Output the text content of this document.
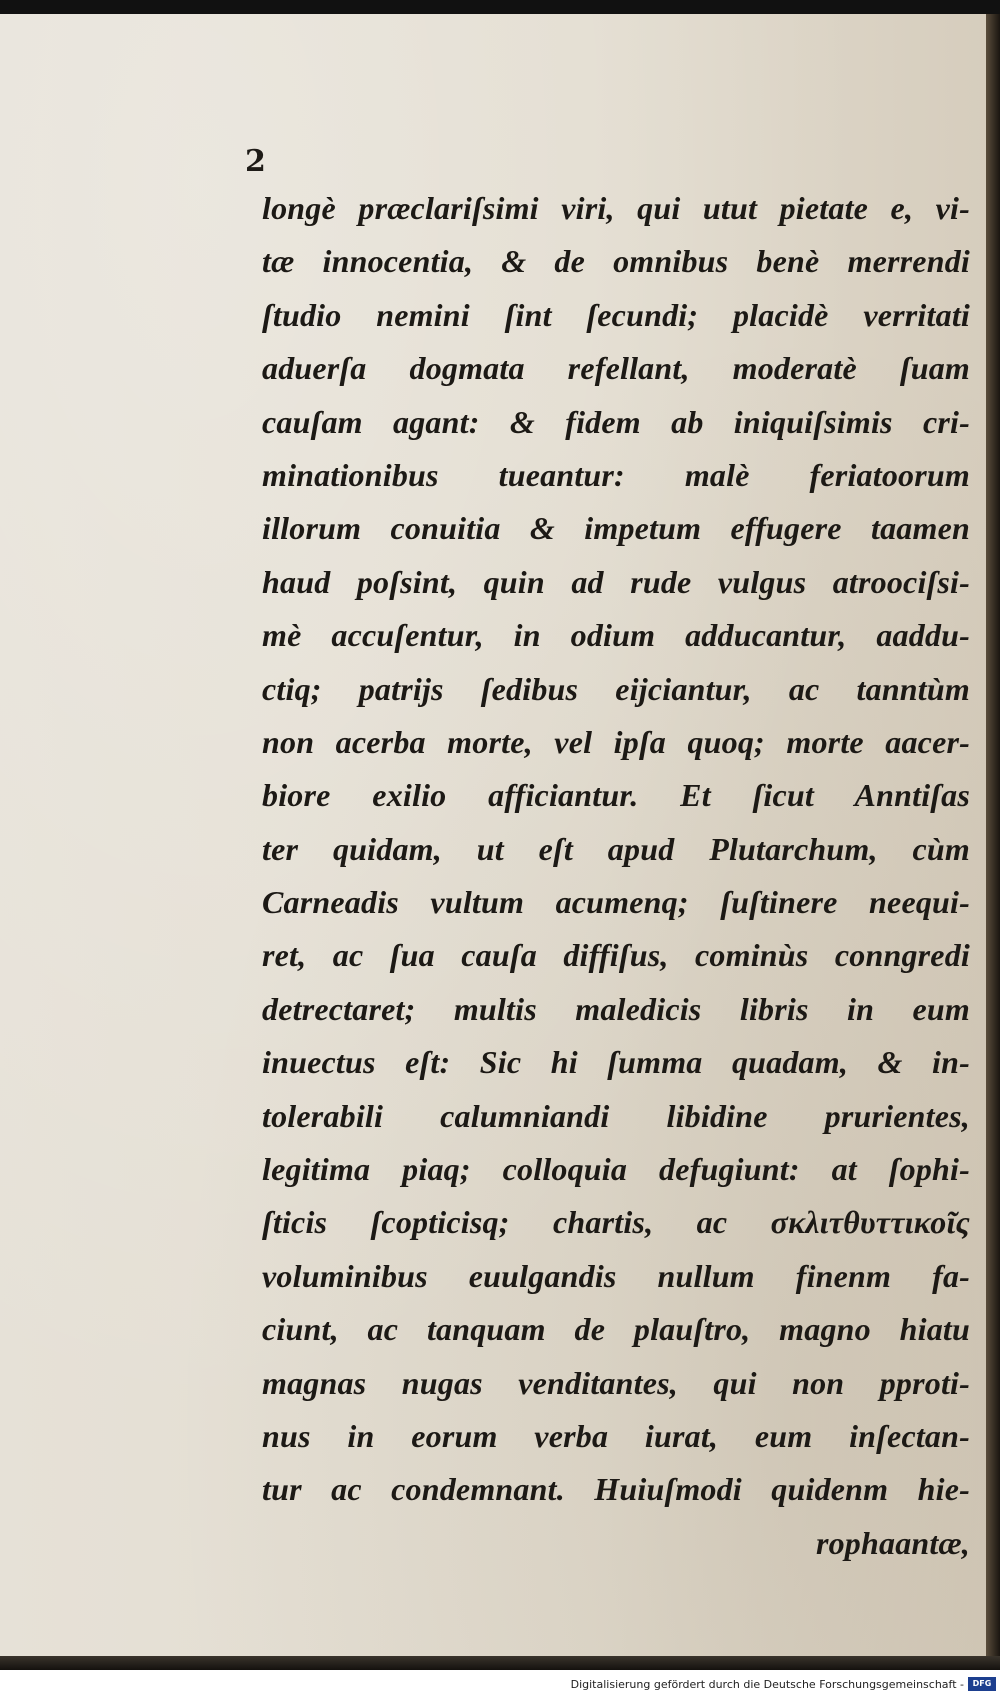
2
longè præclariſsimi viri, qui utut pietate e, vi-
tæ innocentia, & de omnibus benè merrendi
ſtudio nemini ſint ſecundi; placidè verritati
aduerſa dogmata refellant, moderatè ſuam
cauſam agant: & fidem ab iniquiſsimis cri-
minationibus tueantur: malè feriatoorum
illorum conuitia & impetum effugere taamen
haud poſsint, quin ad rude vulgus atroociſsi-
mè accuſentur, in odium adducantur, aaddu-
ctiq; patrijs ſedibus eijciantur, ac tanntùm
non acerba morte, vel ipſa quoq; morte aacer-
biore exilio afficiantur. Et ſicut Anntiſas
ter quidam, ut eſt apud Plutarchum, cùm
Carneadis vultum acumenq; ſuſtinere neequi-
ret, ac ſua cauſa diffiſus, cominùs conngredi
detrectaret; multis maledicis libris in eum
inuectus eſt: Sic hi ſumma quadam, & in-
tolerabili calumniandi libidine prurientes,
legitima piaq; colloquia defugiunt: at ſophi-
ſticis ſcopticisq; chartis, ac σκλιτθυττικοῖς
voluminibus euulgandis nullum finenm fa-
ciunt, ac tanquam de plauſtro, magno hiatu
magnas nugas venditantes, qui non pproti-
nus in eorum verba iurat, eum inſectan-
tur ac condemnant. Huiuſmodi quidenm hie-
rophaantæ,
Digitalisierung gefördert durch die Deutsche Forschungsgemeinschaft -	DFG
